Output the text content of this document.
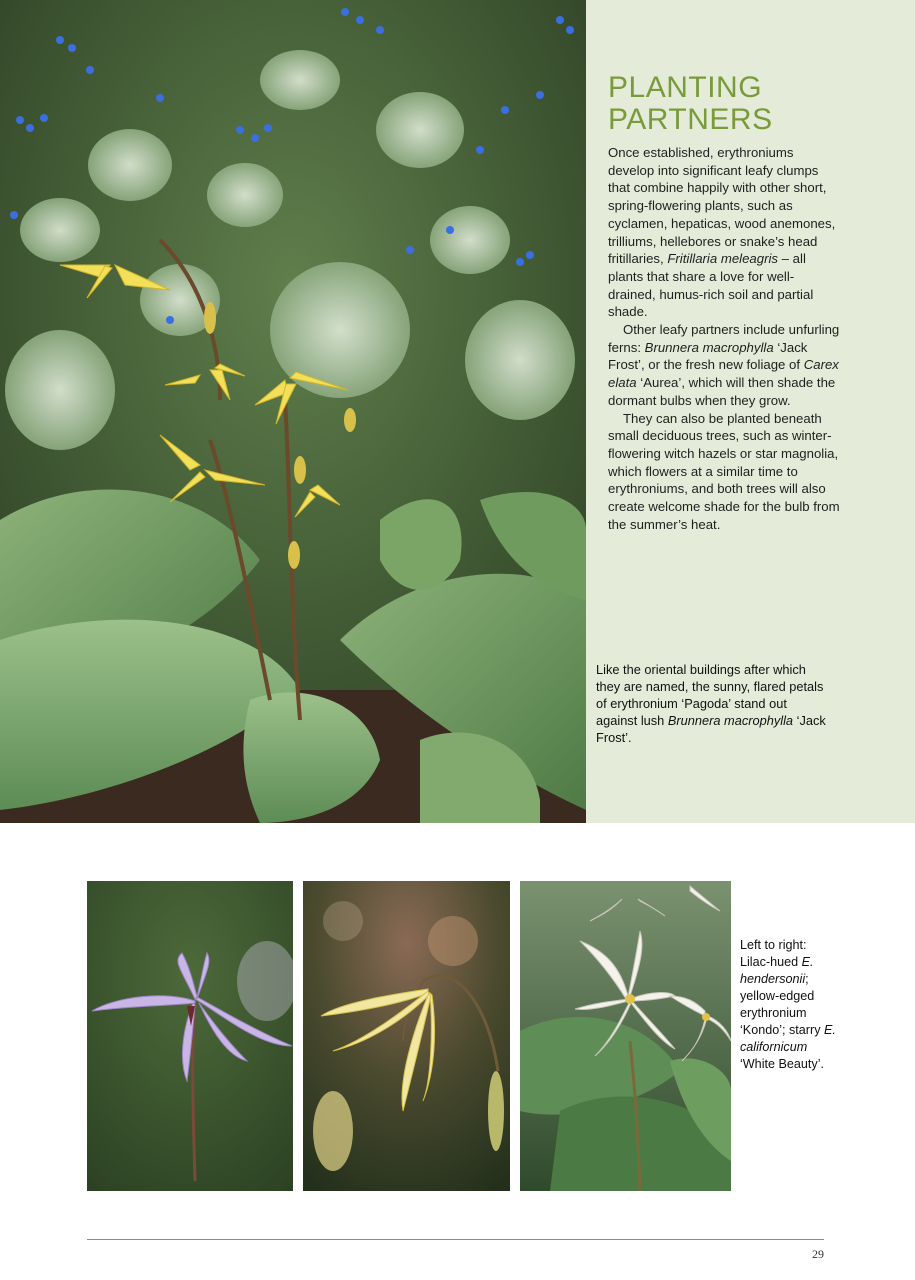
PLANTING
PARTNERS

Once established, erythroniums develop into significant leafy clumps that combine happily with other short, spring-flowering plants, such as cyclamen, hepaticas, wood anemones, trilliums, hellebores or snake’s head fritillaries, Fritillaria meleagris – all plants that share a love for well-drained, humus-rich soil and partial shade.

Other leafy partners include unfurling ferns: Brunnera macrophylla ‘Jack Frost’, or the fresh new foliage of Carex elata ‘Aurea’, which will then shade the dormant bulbs when they grow.

They can also be planted beneath small deciduous trees, such as winter-flowering witch hazels or star magnolia, which flowers at a similar time to erythroniums, and both trees will also create welcome shade for the bulb from the summer’s heat.

Like the oriental buildings after which they are named, the sunny, flared petals of erythronium ‘Pagoda’ stand out against lush Brunnera macrophylla ‘Jack Frost’.

Left to right: Lilac-hued E. hendersonii; yellow-edged erythronium ‘Kondo’; starry E. californicum ‘White Beauty’.

29
